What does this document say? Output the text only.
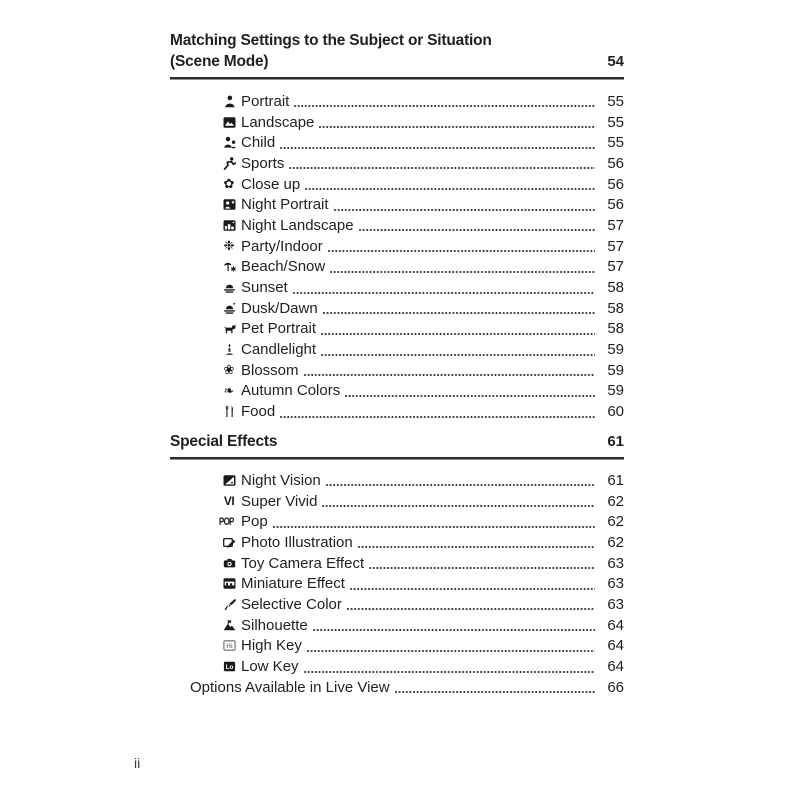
Matching Settings to the Subject or Situation
(Scene Mode)	54
Portrait	55
Landscape	55
Child	55
Sports	56
✿ Close up	56
Night Portrait	56
Night Landscape	57
❉ Party/Indoor	57
Beach/Snow	57
Sunset	58
Dusk/Dawn	58
Pet Portrait	58
Candlelight	59
❀ Blossom	59
❧ Autumn Colors	59
Food	60
Special Effects	61
Night Vision	61
VI Super Vivid	62
POP Pop	62
Photo Illustration	62
Toy Camera Effect	63
Miniature Effect	63
Selective Color	63
Silhouette	64
Hi High Key	64
Lo Low Key	64
Options Available in Live View	66
ii
